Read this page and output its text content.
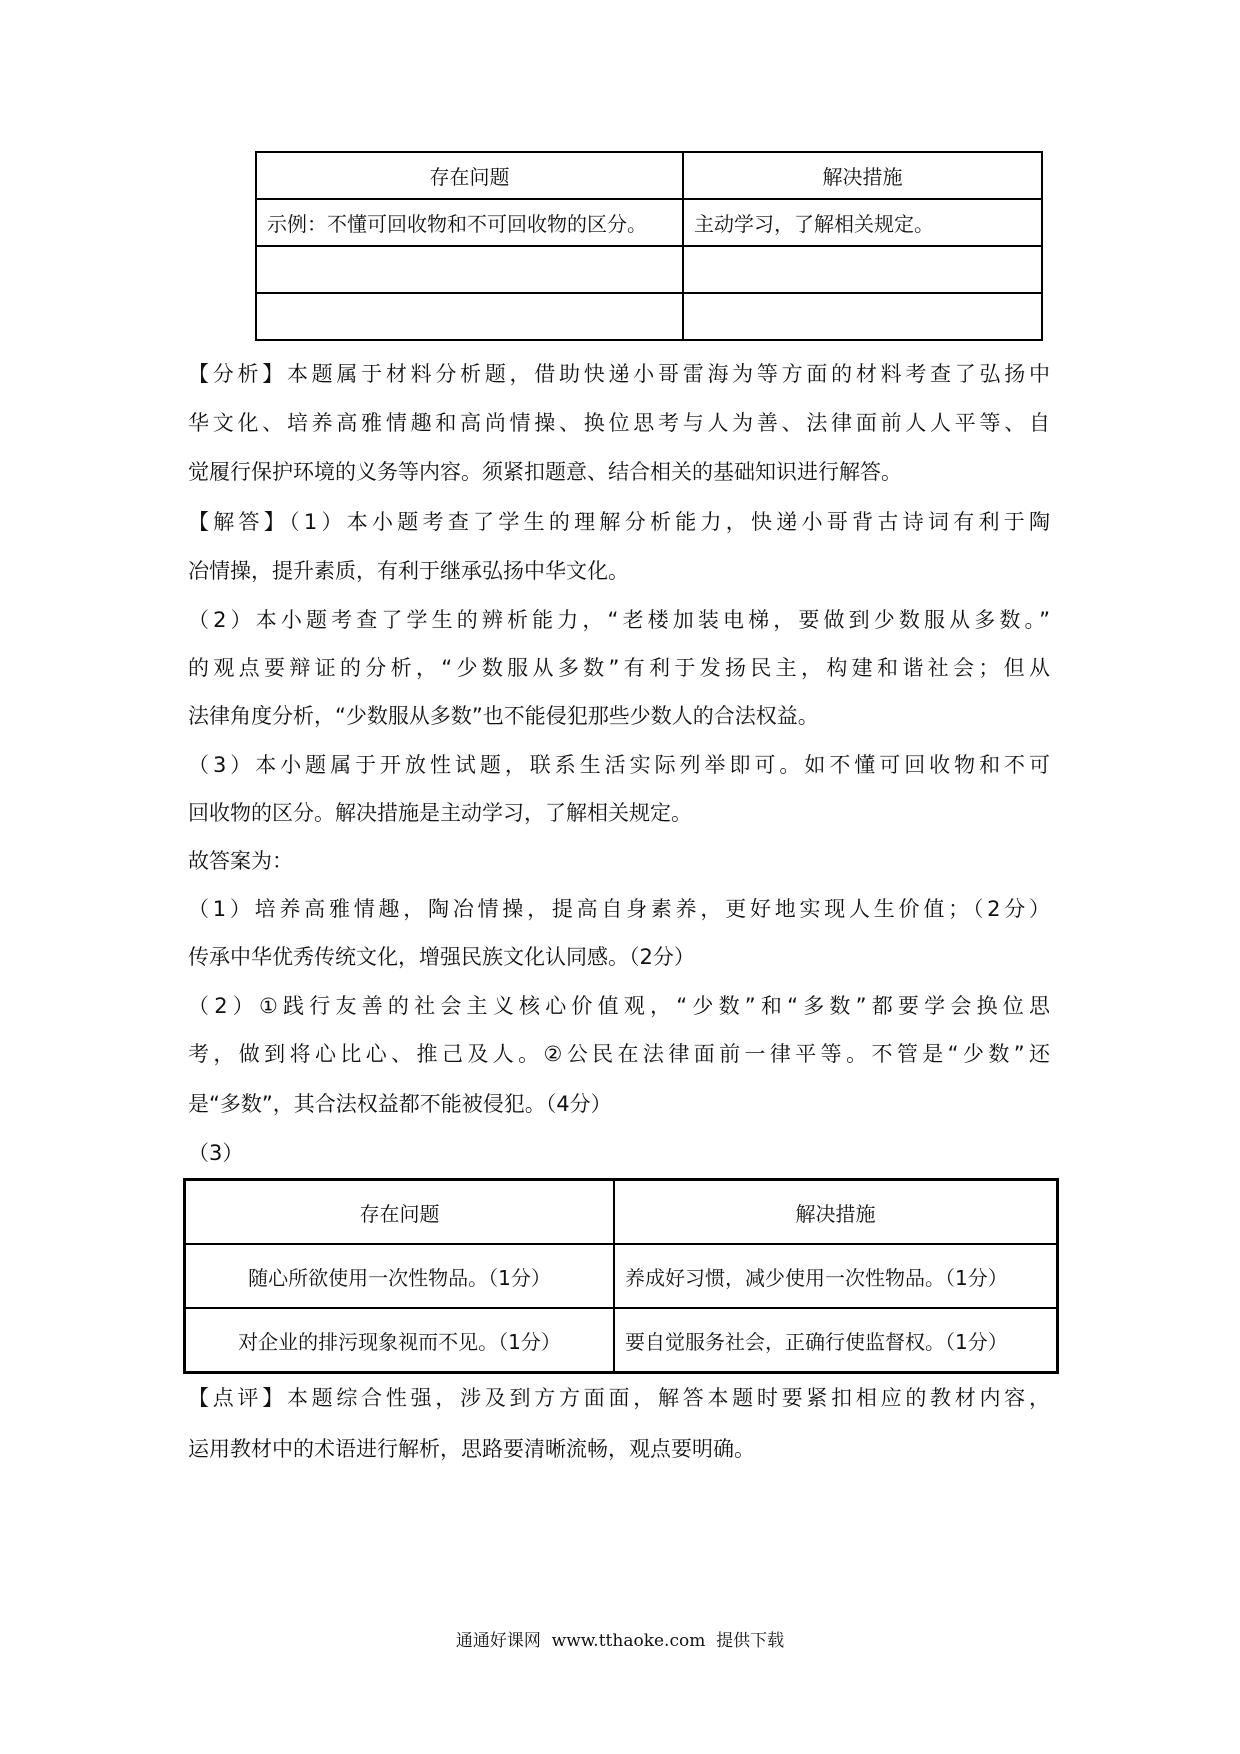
存在问题	解决措施
示例：不懂可回收物和不可回收物的区分。	主动学习，了解相关规定。

【分析】本题属于材料分析题，借助快递小哥雷海为等方面的材料考查了弘扬中
华文化、培养高雅情趣和高尚情操、换位思考与人为善、法律面前人人平等、自
觉履行保护环境的义务等内容。须紧扣题意、结合相关的基础知识进行解答。
【解答】（1）本小题考查了学生的理解分析能力，快递小哥背古诗词有利于陶
冶情操，提升素质，有利于继承弘扬中华文化。
（2）本小题考查了学生的辨析能力，“老楼加装电梯，要做到少数服从多数。”
的观点要辩证的分析，“少数服从多数”有利于发扬民主，构建和谐社会；但从
法律角度分析，“少数服从多数”也不能侵犯那些少数人的合法权益。
（3）本小题属于开放性试题，联系生活实际列举即可。如不懂可回收物和不可
回收物的区分。解决措施是主动学习，了解相关规定。
故答案为：
（1）培养高雅情趣，陶冶情操，提高自身素养，更好地实现人生价值；（2分）
传承中华优秀传统文化，增强民族文化认同感。（2分）
（2）①践行友善的社会主义核心价值观，“少数”和“多数”都要学会换位思
考，做到将心比心、推己及人。②公民在法律面前一律平等。不管是“少数”还
是“多数”，其合法权益都不能被侵犯。（4分）
（3）
存在问题	解决措施
随心所欲使用一次性物品。（1分）	养成好习惯，减少使用一次性物品。（1分）
对企业的排污现象视而不见。（1分）	要自觉服务社会，正确行使监督权。（1分）
【点评】本题综合性强，涉及到方方面面，解答本题时要紧扣相应的教材内容，
运用教材中的术语进行解析，思路要清晰流畅，观点要明确。
通通好课网  www.tthaoke.com  提供下载
